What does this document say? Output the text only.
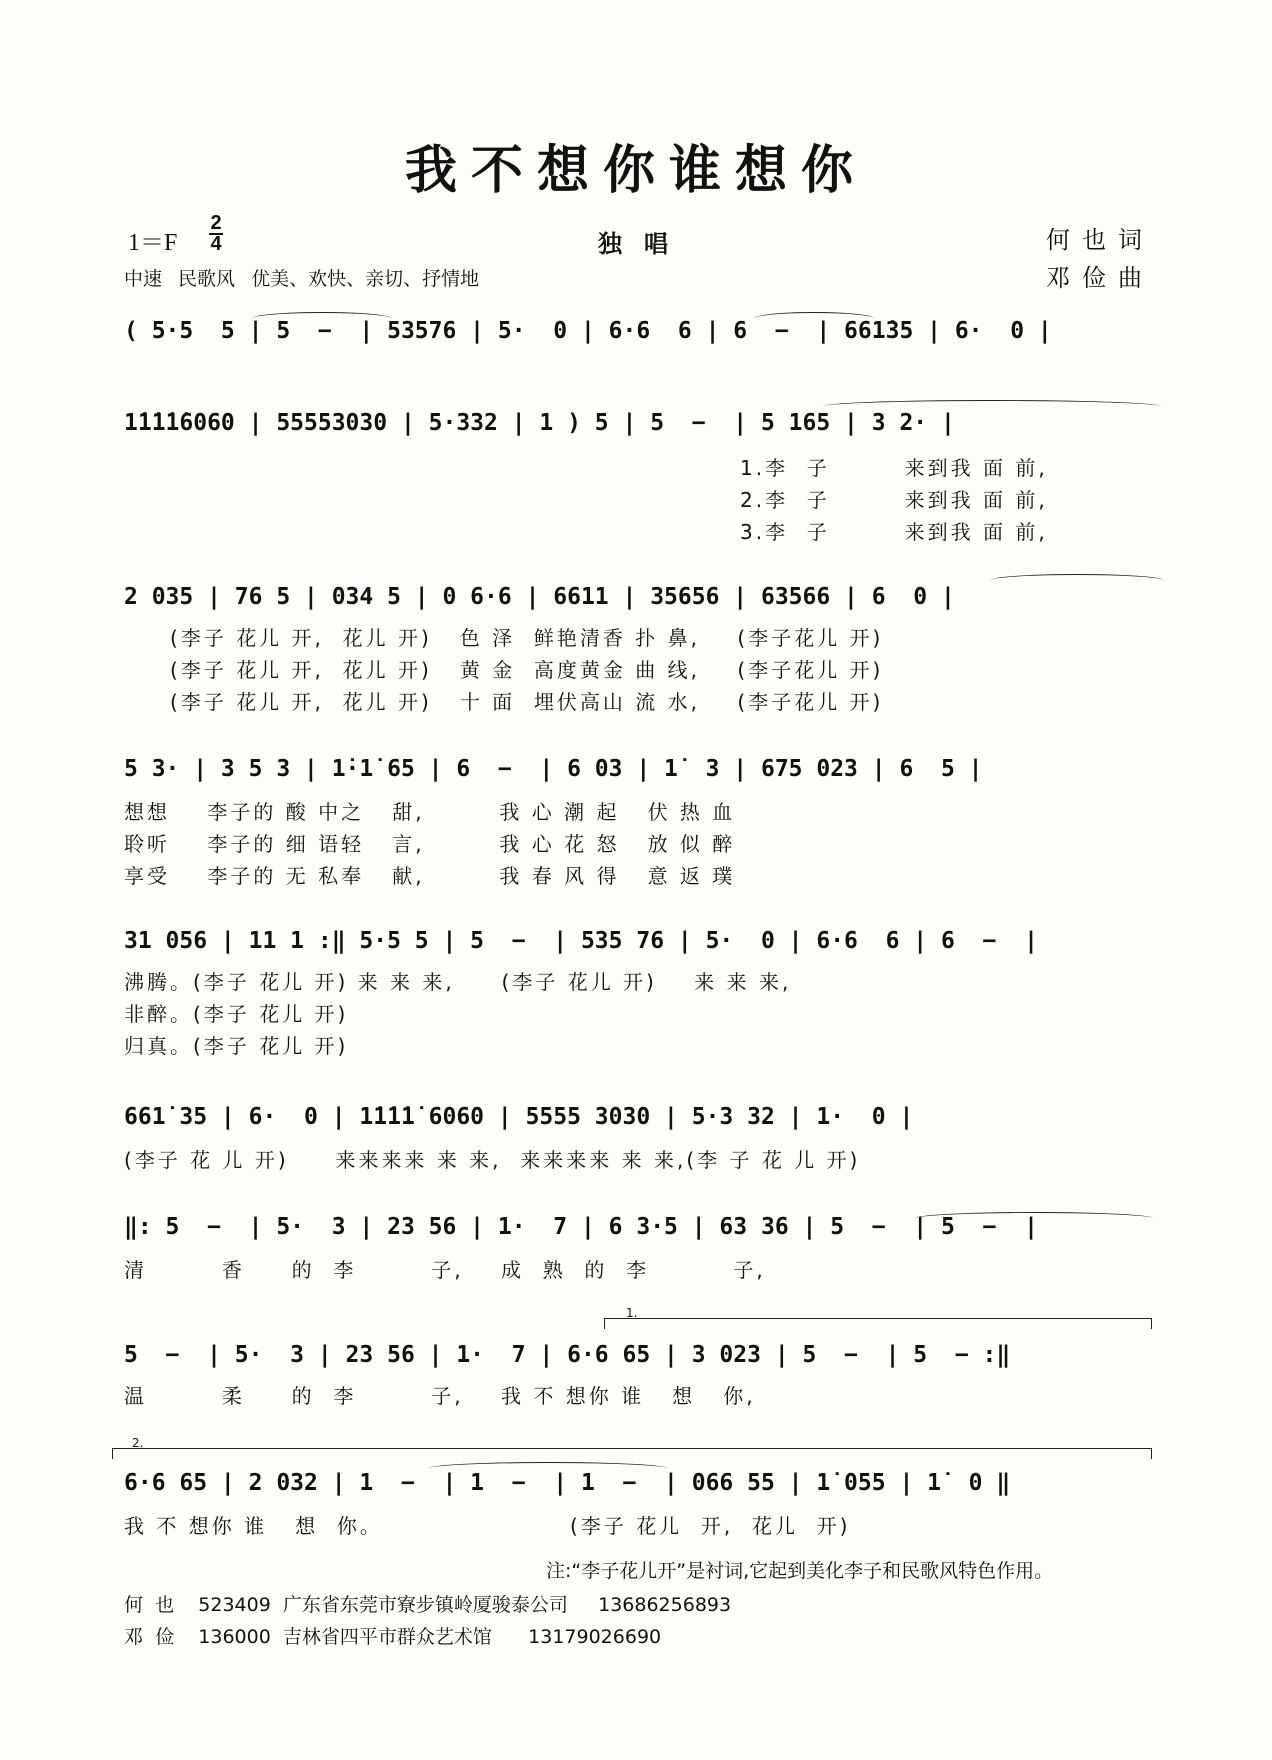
我不想你谁想你
1＝F
2
4	独唱	何也词
邓俭曲
中速 民歌风 优美、欢快、亲切、抒情地
( 5·5  5 | 5  −  | 53576 | 5·  0 | 6·6  6 | 6  −  | 661̇35 | 6·  0 |
1̇1̇1̇1̇6060 | 55553030 | 5·332 | 1 ) 5 | 5  −  | 5 165 | 3 2· |
1.李  子        来到我 面 前,
2.李  子        来到我 面 前,
3.李  子        来到我 面 前,
2 035 | 76 5 | 034 5 | 0 6·6 | 6611 | 35656 | 63566 | 6  0 |
(李子 花儿 开,  花儿 开)   色 泽  鲜艳清香 扑 鼻,    (李子花儿 开)
(李子 花儿 开,  花儿 开)   黄 金  高度黄金 曲 线,    (李子花儿 开)
(李子 花儿 开,  花儿 开)   十 面  埋伏高山 流 水,    (李子花儿 开)
5 3· | 3 5 3 | 1̇·1̇ 65 | 6  −  | 6 03 | 1̇  3 | 675 023 | 6  5 |
想想    李子的 酸 中之   甜,        我 心 潮 起   伏 热 血
聆听    李子的 细 语轻   言,        我 心 花 怒   放 似 醉
享受    李子的 无 私奉   献,        我 春 风 得   意 返 璞
31 056 | 11 1 :‖ 5·5 5 | 5  −  | 535 76 | 5·  0 | 6·6  6 | 6  −  |
沸腾。(李子 花儿 开) 来 来 来,     (李子 花儿 开)    来 来 来,
非醉。(李子 花儿 开)
归真。(李子 花儿 开)
661̇ 35 | 6·  0 | 1̇1̇1̇1̇ 6060 | 5555 3030 | 5·3 32 | 1·  0 |
(李子 花 儿 开)     来来来来 来 来,  来来来来 来 来,(李 子 花 儿 开)
‖: 5  −  | 5·  3 | 23 56 | 1·  7 | 6 3·5 | 63 36 | 5  −  | 5  −  |
清        香     的  李        子,    成  熟  的  李         子,
1.
5  −  | 5·  3 | 23 56 | 1·  7 | 6·6 65 | 3 023 | 5  −  | 5  − :‖
温        柔     的  李        子,    我 不 想你 谁   想   你,
2.
6·6 65 | 2 032 | 1  −  | 1  −  | 1  −  | 066 55 | 1̇ 055 | 1̇  0 ‖
我 不 想你 谁   想  你。                    (李子 花儿  开,  花儿  开)
注:“李子花儿开”是衬词,它起到美化李子和民歌风特色作用。
何  也 523409 广东省东莞市寮步镇岭厦骏泰公司 13686256893
邓  俭 136000 吉林省四平市群众艺术馆 13179026690
